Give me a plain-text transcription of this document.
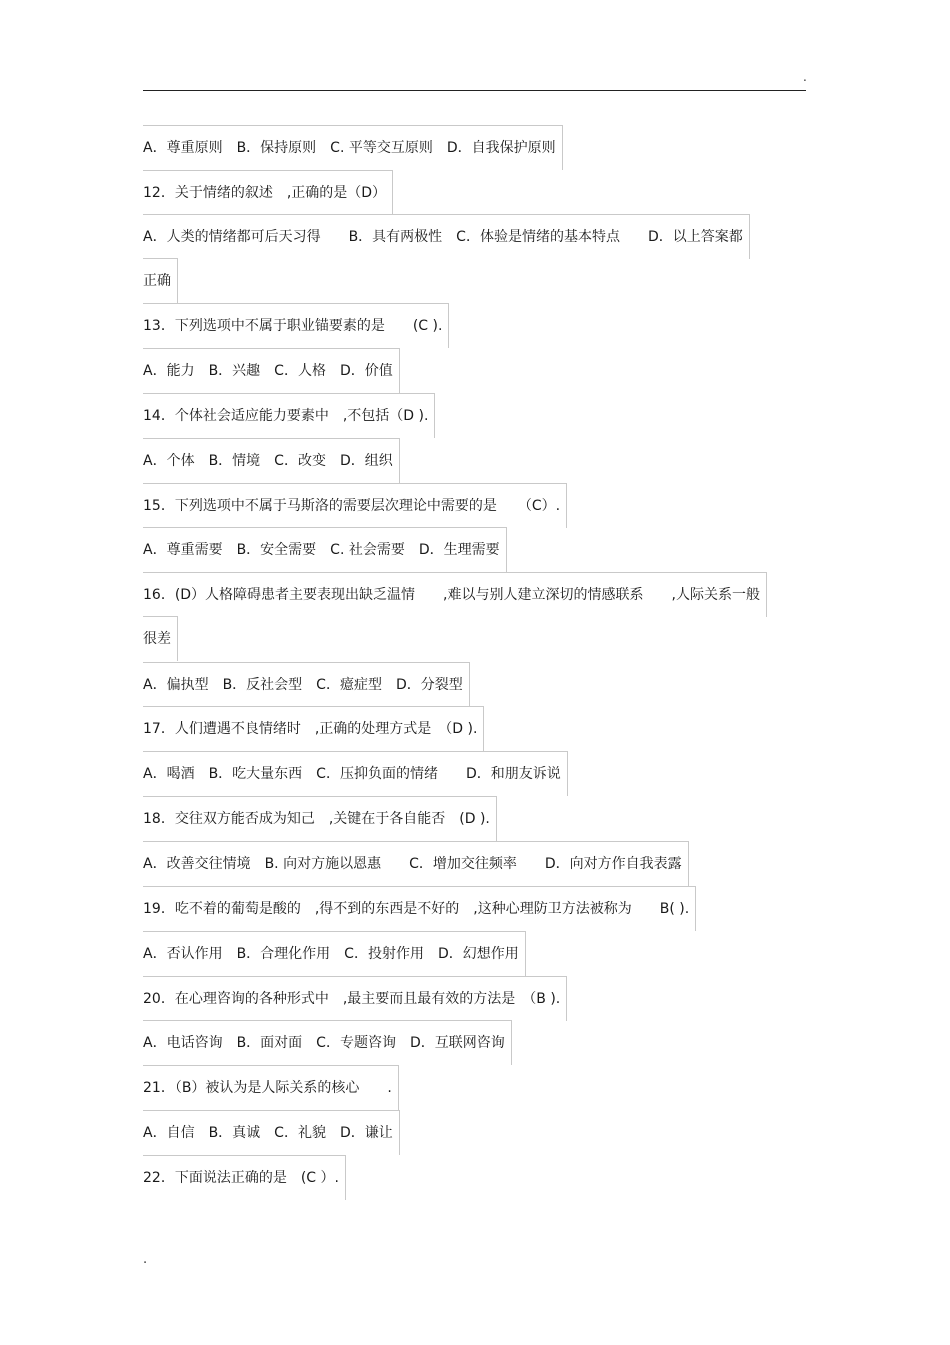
.
A．尊重原则　B．保持原则　C. 平等交互原则　D．自我保护原则
12．关于情绪的叙述　,正确的是（D）
A．人类的情绪都可后天习得　　B．具有两极性　C．体验是情绪的基本特点　　D．以上答案都
正确
13．下列选项中不属于职业锚要素的是　　(C ).
A．能力　B．兴趣　C．人格　D．价值
14．个体社会适应能力要素中　,不包括（D ).
A．个体　B．情境　C．改变　D．组织
15．下列选项中不属于马斯洛的需要层次理论中需要的是　　（C）.
A．尊重需要　B．安全需要　C. 社会需要　D．生理需要
16．(D）人格障碍患者主要表现出缺乏温情　　,难以与别人建立深切的情感联系　　,人际关系一般
很差
A．偏执型　B．反社会型　C．癔症型　D．分裂型
17．人们遭遇不良情绪时　,正确的处理方式是　（D ).
A．喝酒　B．吃大量东西　C．压抑负面的情绪　　D．和朋友诉说
18．交往双方能否成为知己　,关键在于各自能否　(D ).
A．改善交往情境　B. 向对方施以恩惠　　C．增加交往频率　　D．向对方作自我表露
19．吃不着的葡萄是酸的　,得不到的东西是不好的　,这种心理防卫方法被称为　　B( ).
A．否认作用　B．合理化作用　C．投射作用　D．幻想作用
20．在心理咨询的各种形式中　,最主要而且最有效的方法是　（B ).
A．电话咨询　B．面对面　C．专题咨询　D．互联网咨询
21．（B）被认为是人际关系的核心　　.
A．自信　B．真诚　C．礼貌　D．谦让
22．下面说法正确的是　(C ）.
.
